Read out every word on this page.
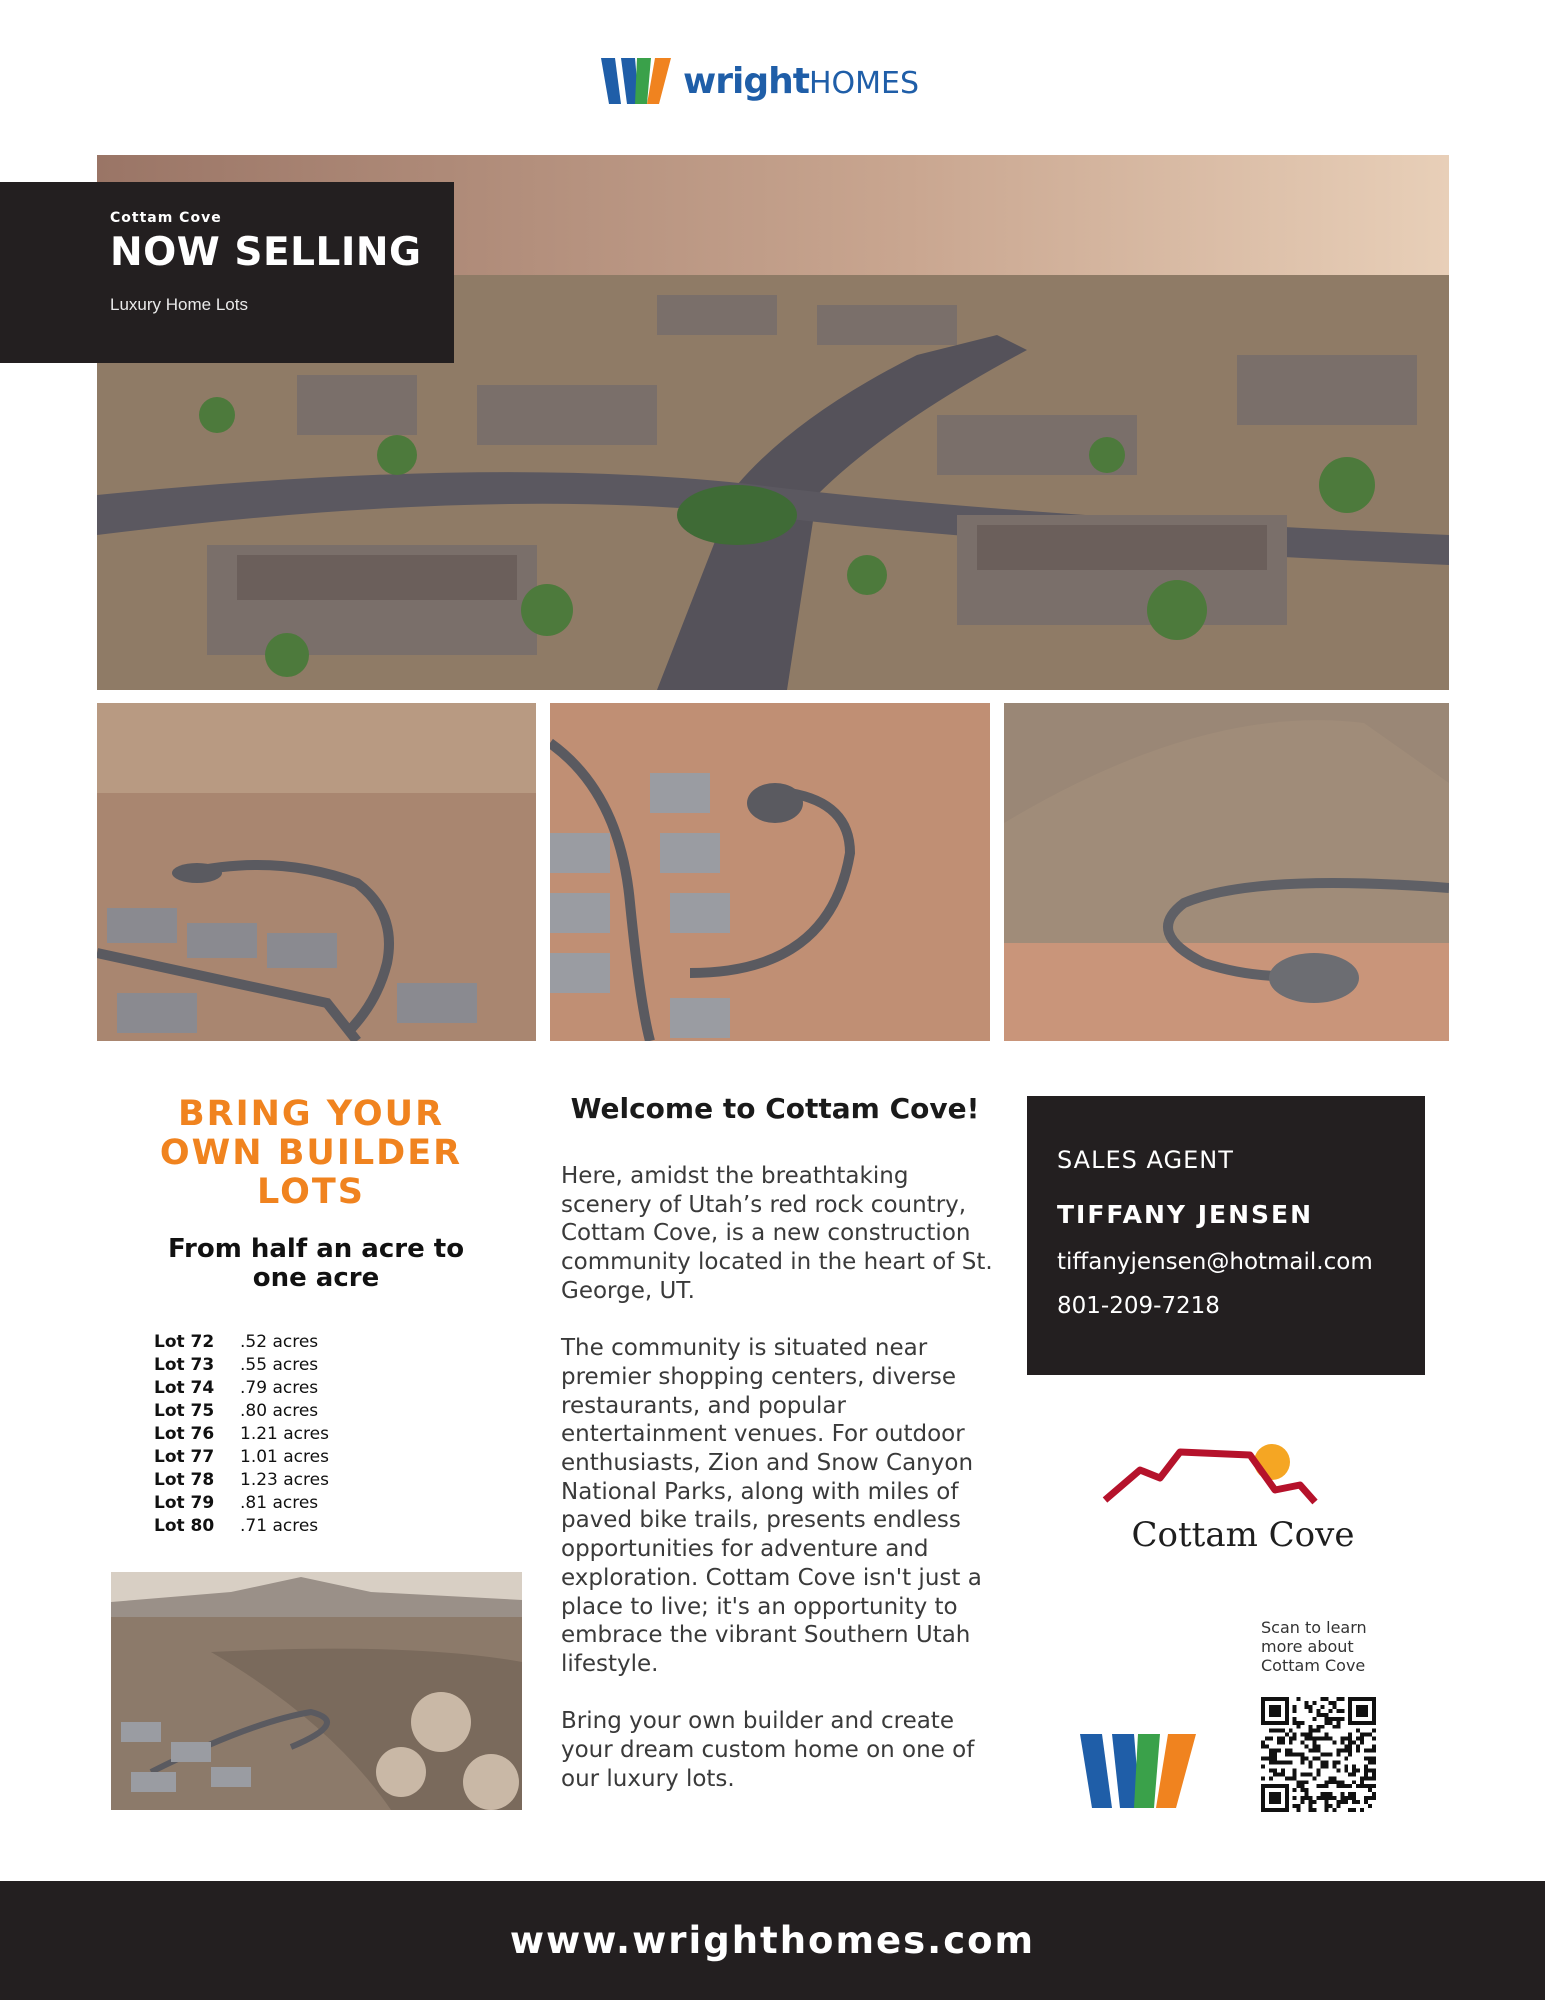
wrightHOMES
Cottam Cove
NOW SELLING
Luxury Home Lots
BRING YOUR OWN BUILDER LOTS
From half an acre to one acre
Lot 72	.52 acres
Lot 73	.55 acres
Lot 74	.79 acres
Lot 75	.80 acres
Lot 76	1.21 acres
Lot 77	1.01 acres
Lot 78	1.23 acres
Lot 79	.81 acres
Lot 80	.71 acres
Welcome to Cottam Cove!

Here, amidst the breathtaking scenery of Utah’s red rock country, Cottam Cove, is a new construction community located in the heart of St. George, UT.

The community is situated near premier shopping centers, diverse restaurants, and popular entertainment venues. For outdoor enthusiasts, Zion and Snow Canyon National Parks, along with miles of paved bike trails, presents endless opportunities for adventure and exploration. Cottam Cove isn't just a place to live; it's an opportunity to embrace the vibrant Southern Utah lifestyle.

Bring your own builder and create your dream custom home on one of our luxury lots.

SALES AGENT
TIFFANY JENSEN
tiffanyjensen@hotmail.com
801-209-7218
Cottam Cove
Scan to learn more about Cottam Cove
www.wrighthomes.com
